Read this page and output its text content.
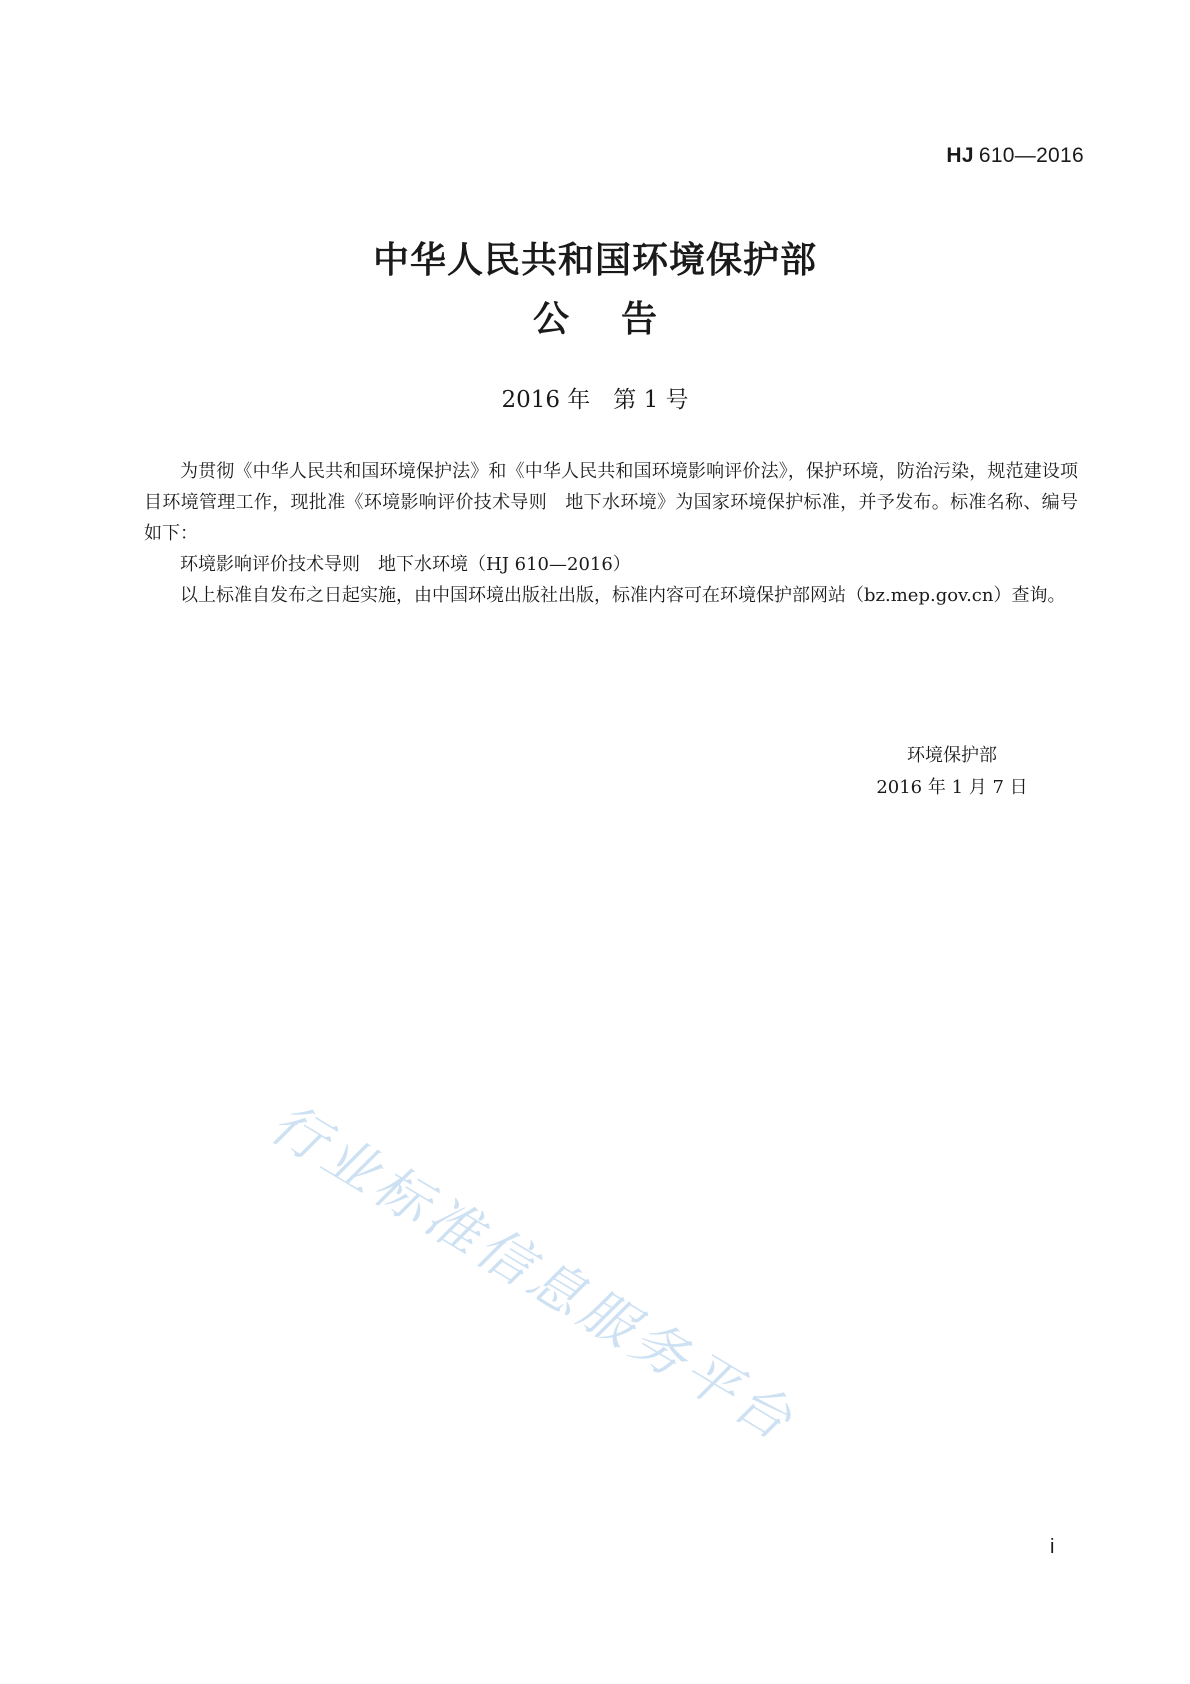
HJ 610—2016
中华人民共和国环境保护部
公告
2016 年　第 1 号

为贯彻《中华人民共和国环境保护法》和《中华人民共和国环境影响评价法》，保护环境，防治污染，规范建设项目环境管理工作，现批准《环境影响评价技术导则　地下水环境》为国家环境保护标准，并予发布。标准名称、编号如下：

环境影响评价技术导则　地下水环境（HJ 610—2016）

以上标准自发布之日起实施，由中国环境出版社出版，标准内容可在环境保护部网站（bz.mep.gov.cn）查询。

环境保护部
2016 年 1 月 7 日
行业标准信息服务平台
i
